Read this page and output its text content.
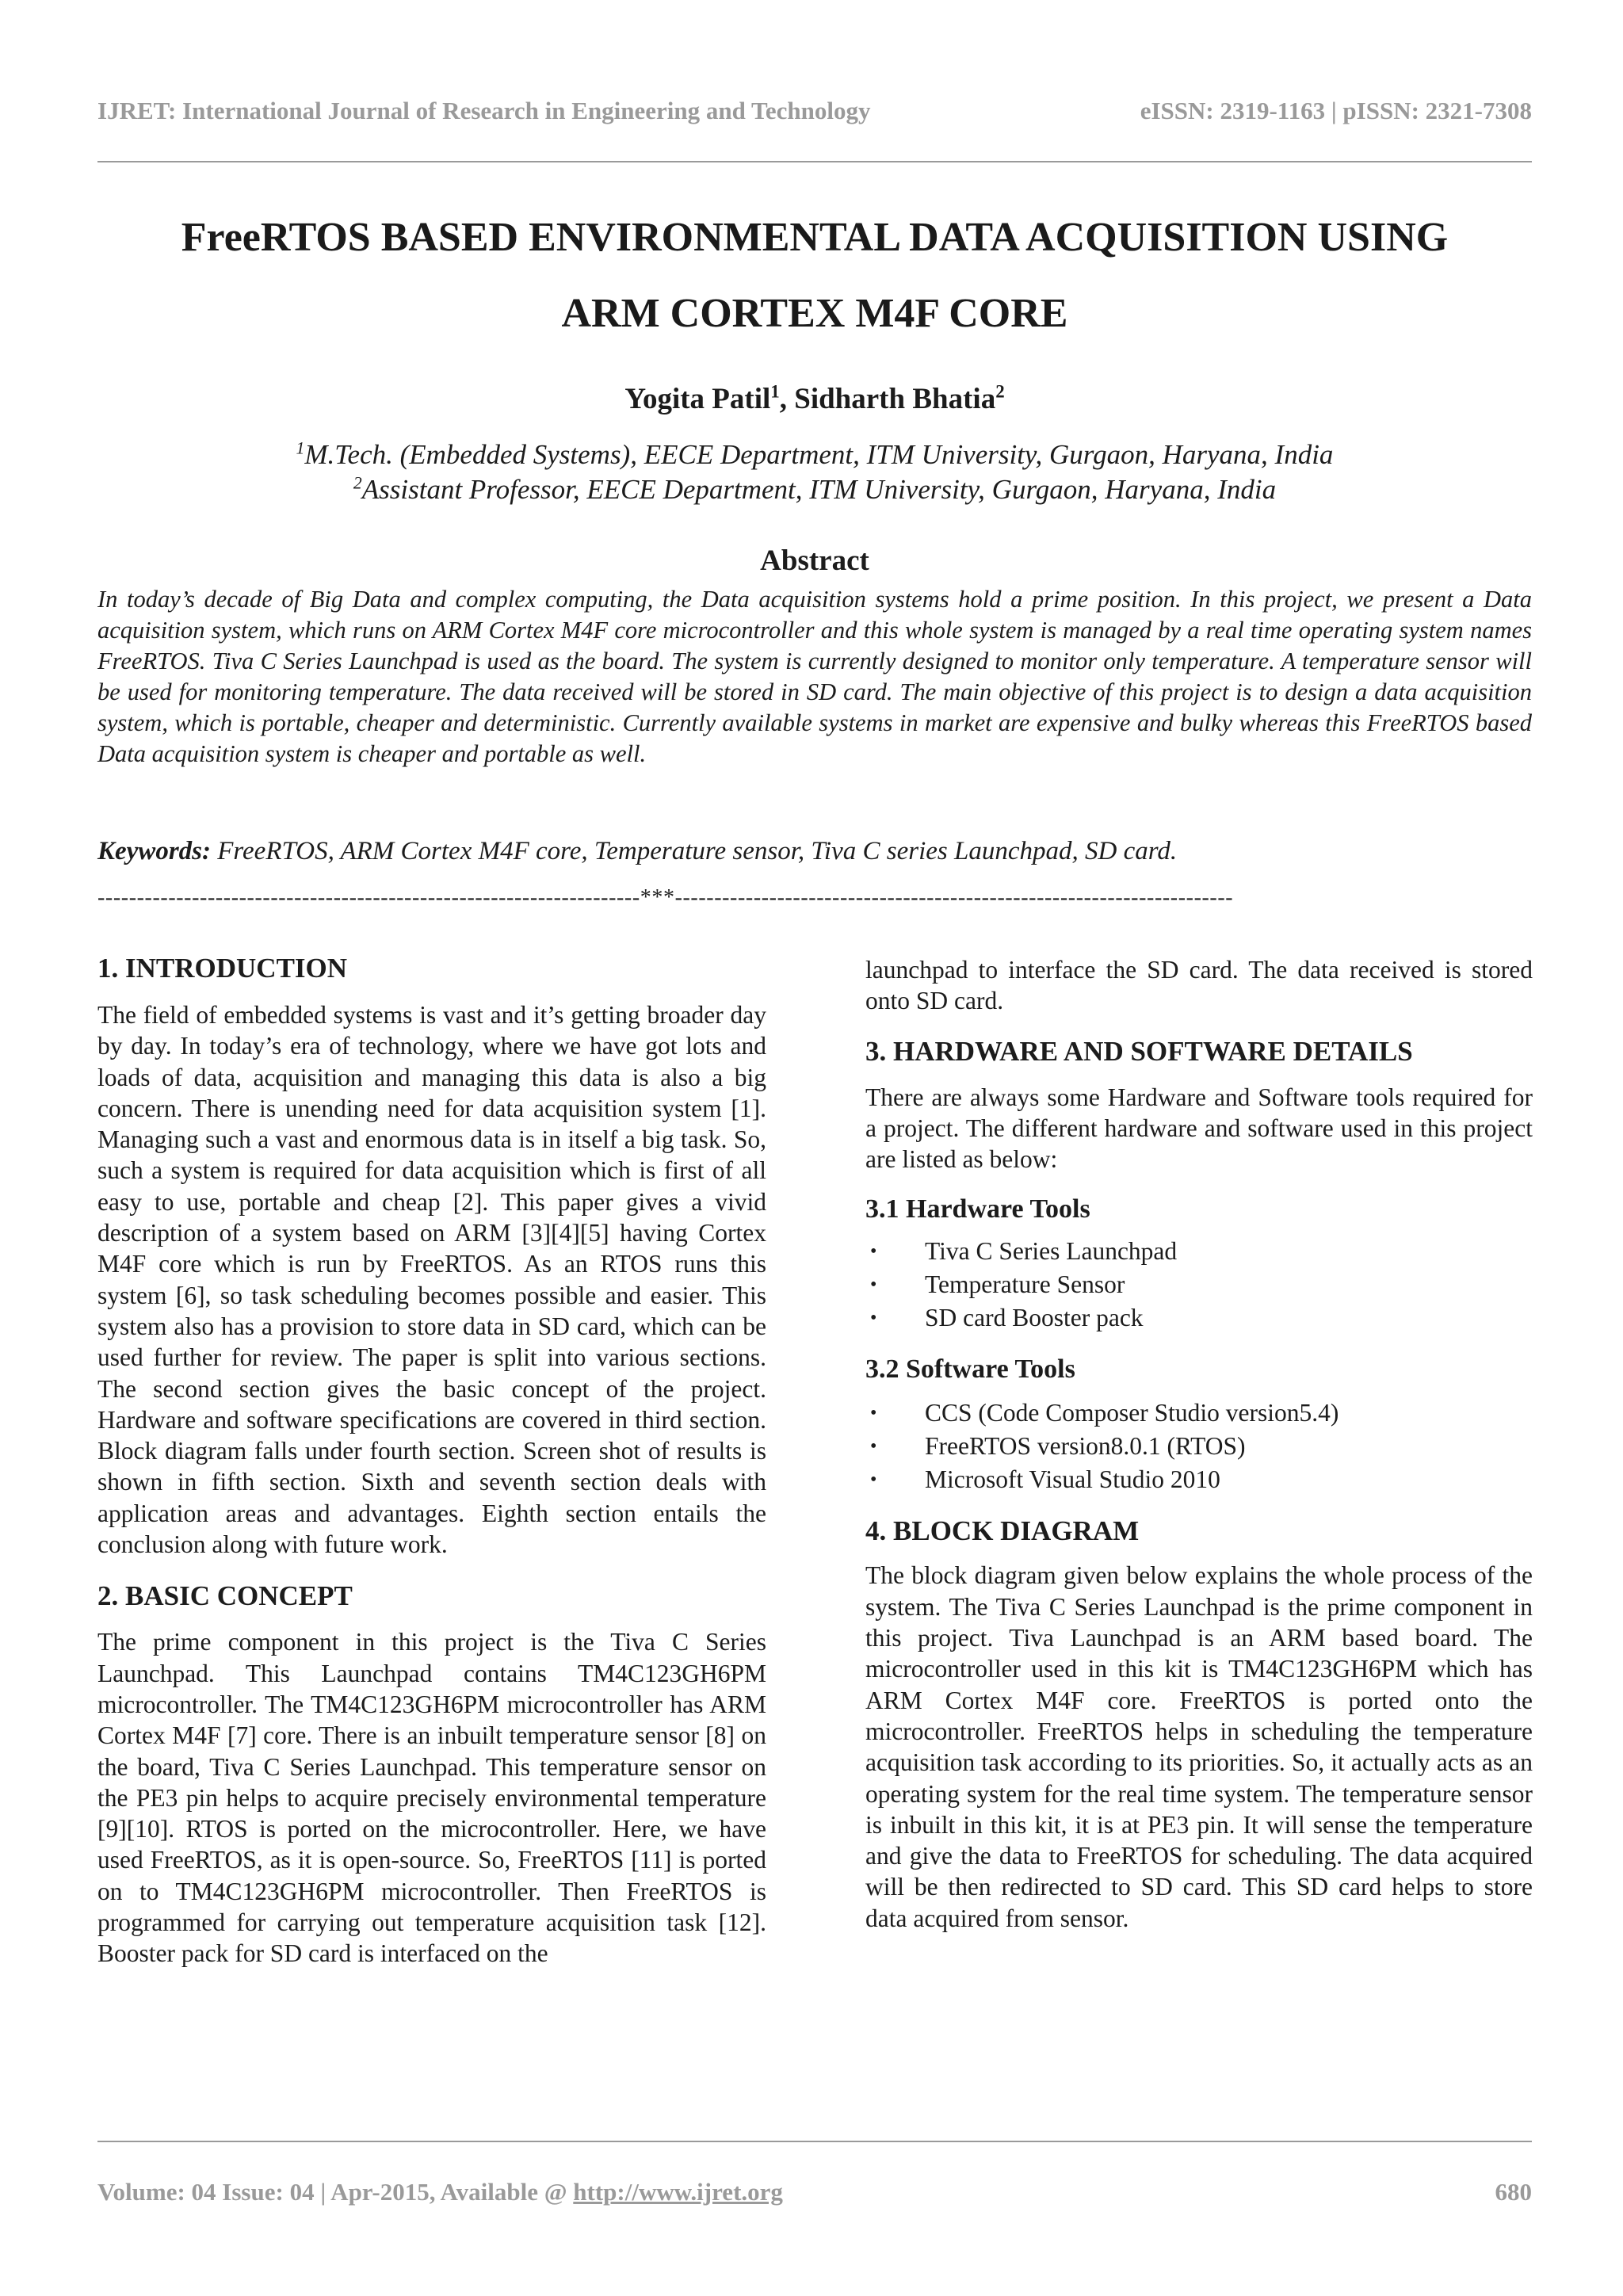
IJRET: International Journal of Research in Engineering and Technology	eISSN: 2319-1163 | pISSN: 2321-7308
FreeRTOS BASED ENVIRONMENTAL DATA ACQUISITION USING
ARM CORTEX M4F CORE
Yogita Patil$^1$, Sidharth Bhatia$^2$
$^1$M.Tech. (Embedded Systems), EECE Department, ITM University, Gurgaon, Haryana, India
$^2$Assistant Professor, EECE Department, ITM University, Gurgaon, Haryana, India
Abstract

In today’s decade of Big Data and complex computing, the Data acquisition systems hold a prime position. In this project, we present a Data acquisition system, which runs on ARM Cortex M4F core microcontroller and this whole system is managed by a real time operating system names FreeRTOS. Tiva C Series Launchpad is used as the board. The system is currently designed to monitor only temperature. A temperature sensor will be used for monitoring temperature. The data received will be stored in SD card. The main objective of this project is to design a data acquisition system, which is portable, cheaper and deterministic. Currently available systems in market are expensive and bulky whereas this FreeRTOS based Data acquisition system is cheaper and portable as well.

Keywords: FreeRTOS, ARM Cortex M4F core, Temperature sensor, Tiva C series Launchpad, SD card.
---------------------------------------------------------------------***-----------------------------------------------------------------------
1. INTRODUCTION

The field of embedded systems is vast and it’s getting broader day by day. In today’s era of technology, where we have got lots and loads of data, acquisition and managing this data is also a big concern. There is unending need for data acquisition system [1]. Managing such a vast and enormous data is in itself a big task. So, such a system is required for data acquisition which is first of all easy to use, portable and cheap [2]. This paper gives a vivid description of a system based on ARM [3][4][5] having Cortex M4F core which is run by FreeRTOS. As an RTOS runs this system [6], so task scheduling becomes possible and easier. This system also has a provision to store data in SD card, which can be used further for review. The paper is split into various sections. The second section gives the basic concept of the project. Hardware and software specifications are covered in third section. Block diagram falls under fourth section. Screen shot of results is shown in fifth section. Sixth and seventh section deals with application areas and advantages. Eighth section entails the conclusion along with future work.

2. BASIC CONCEPT

The prime component in this project is the Tiva C Series Launchpad. This Launchpad contains TM4C123GH6PM microcontroller. The TM4C123GH6PM microcontroller has ARM Cortex M4F [7] core. There is an inbuilt temperature sensor [8] on the board, Tiva C Series Launchpad. This temperature sensor on the PE3 pin helps to acquire precisely environmental temperature [9][10]. RTOS is ported on the microcontroller. Here, we have used FreeRTOS, as it is open-source. So, FreeRTOS [11] is ported on to TM4C123GH6PM microcontroller. Then FreeRTOS is programmed for carrying out temperature acquisition task [12]. Booster pack for SD card is interfaced on the

launchpad to interface the SD card. The data received is stored onto SD card.

3. HARDWARE AND SOFTWARE DETAILS

There are always some Hardware and Software tools required for a project. The different hardware and software used in this project are listed as below:

3.1 Hardware Tools
• Tiva C Series Launchpad
• Temperature Sensor
• SD card Booster pack
3.2 Software Tools
• CCS (Code Composer Studio version5.4)
• FreeRTOS version8.0.1 (RTOS)
• Microsoft Visual Studio 2010
4. BLOCK DIAGRAM

The block diagram given below explains the whole process of the system. The Tiva C Series Launchpad is the prime component in this project. Tiva Launchpad is an ARM based board. The microcontroller used in this kit is TM4C123GH6PM which has ARM Cortex M4F core. FreeRTOS is ported onto the microcontroller. FreeRTOS helps in scheduling the temperature acquisition task according to its priorities. So, it actually acts as an operating system for the real time system. The temperature sensor is inbuilt in this kit, it is at PE3 pin. It will sense the temperature and give the data to FreeRTOS for scheduling. The data acquired will be then redirected to SD card. This SD card helps to store data acquired from sensor.

Volume: 04 Issue: 04 | Apr-2015, Available @ http://www.ijret.org	680
